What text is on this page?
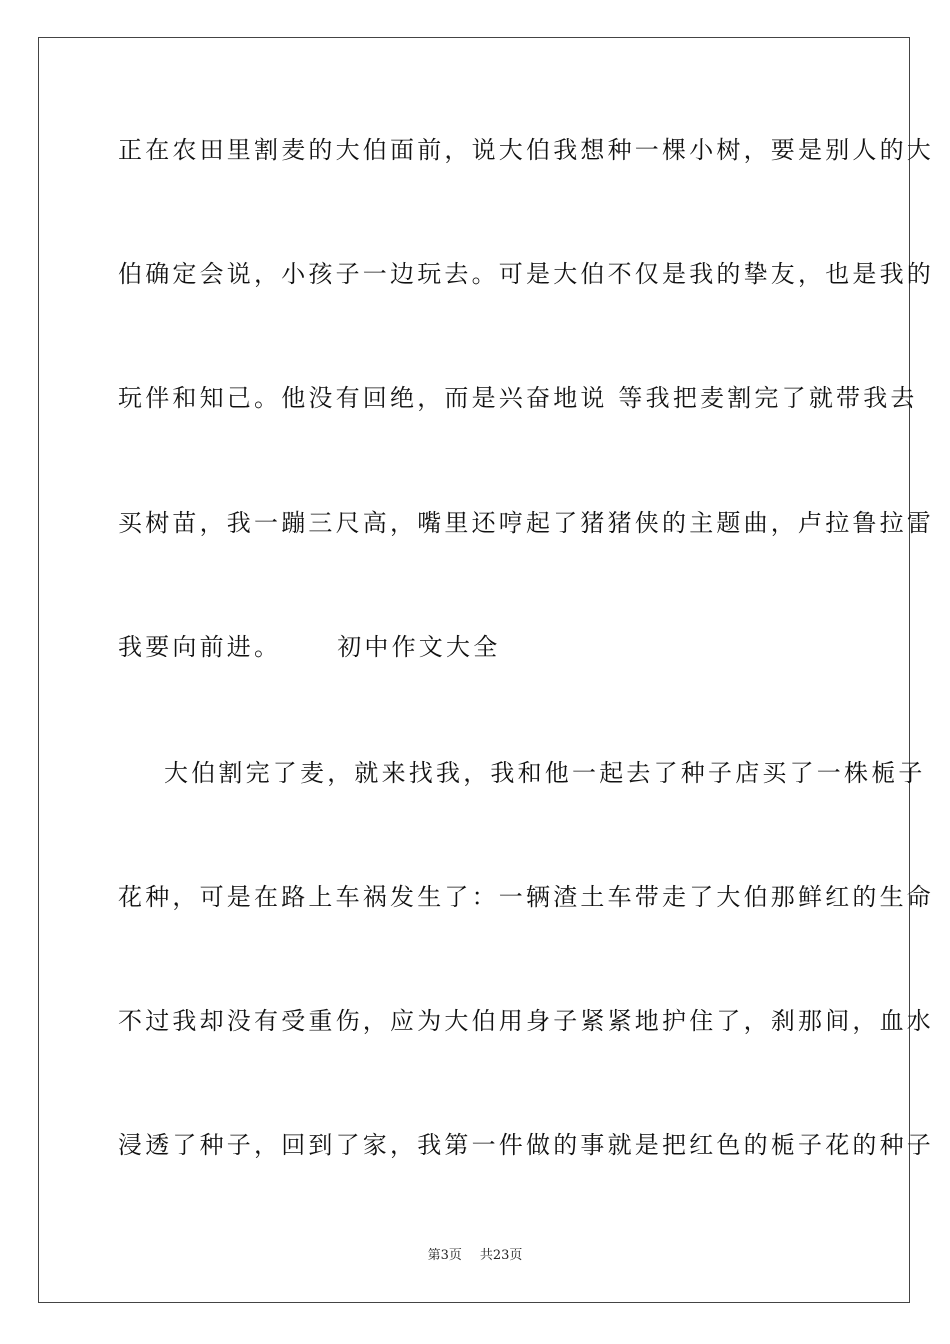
正在农田里割麦的大伯面前，说大伯我想种一棵小树，要是别人的大
伯确定会说，小孩子一边玩去。可是大伯不仅是我的挚友，也是我的
玩伴和知己。他没有回绝，而是兴奋地说 等我把麦割完了就带我去
买树苗，我一蹦三尺高，嘴里还哼起了猪猪侠的主题曲，卢拉鲁拉雷
我要向前进。 初中作文大全
大伯割完了麦，就来找我，我和他一起去了种子店买了一株栀子
花种，可是在路上车祸发生了：一辆渣土车带走了大伯那鲜红的生命
不过我却没有受重伤，应为大伯用身子紧紧地护住了，刹那间，血水
浸透了种子，回到了家，我第一件做的事就是把红色的栀子花的种子
第3页 共23页
